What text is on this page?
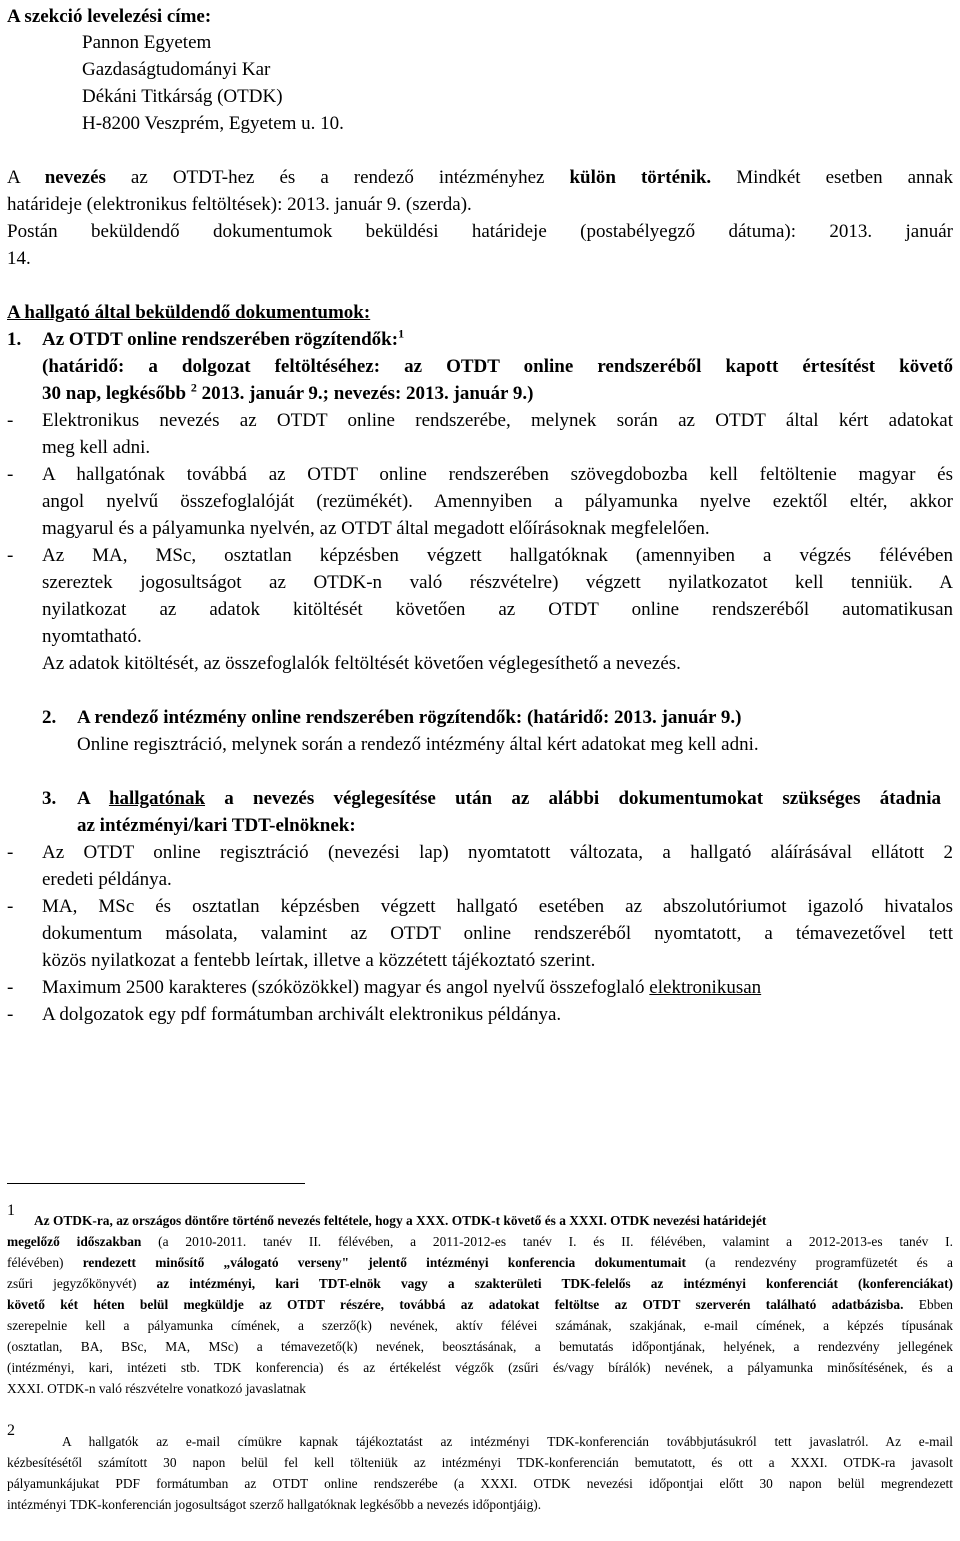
A szekció levelezési címe:
Pannon Egyetem
Gazdaságtudományi Kar
Dékáni Titkárság (OTDK)
H-8200 Veszprém, Egyetem u. 10.
A nevezés az OTDT-hez és a rendező intézményhez külön történik. Mindkét esetben annak
határideje (elektronikus feltöltések): 2013. január 9. (szerda).
Postán beküldendő dokumentumok beküldési határideje (postabélyegző dátuma): 2013. január
14.
A hallgató által beküldendő dokumentumok:
1. Az OTDT online rendszerében rögzítendők:$^1$
(határidő: a dolgozat feltöltéséhez: az OTDT online rendszeréből kapott értesítést követő
30 nap, legkésőbb $^2$ 2013. január 9.; nevezés: 2013. január 9.)
- Elektronikus nevezés az OTDT online rendszerébe, melynek során az OTDT által kért adatokat
meg kell adni.
- A hallgatónak továbbá az OTDT online rendszerében szövegdobozba kell feltöltenie magyar és
angol nyelvű összefoglalóját (rezümékét). Amennyiben a pályamunka nyelve ezektől eltér, akkor
magyarul és a pályamunka nyelvén, az OTDT által megadott előírásoknak megfelelően.
- Az MA, MSc, osztatlan képzésben végzett hallgatóknak (amennyiben a végzés félévében
szereztek jogosultságot az OTDK-n való részvételre) végzett nyilatkozatot kell tenniük. A
nyilatkozat az adatok kitöltését követően az OTDT online rendszeréből automatikusan
nyomtatható.
Az adatok kitöltését, az összefoglalók feltöltését követően véglegesíthető a nevezés.
2. A rendező intézmény online rendszerében rögzítendők: (határidő: 2013. január 9.)
Online regisztráció, melynek során a rendező intézmény által kért adatokat meg kell adni.
3. A hallgatónak a nevezés véglegesítése után az alábbi dokumentumokat szükséges átadnia
az intézményi/kari TDT-elnöknek:
- Az OTDT online regisztráció (nevezési lap) nyomtatott változata, a hallgató aláírásával ellátott 2
eredeti példánya.
- MA, MSc és osztatlan képzésben végzett hallgató esetében az abszolutóriumot igazoló hivatalos
dokumentum másolata, valamint az OTDT online rendszeréből nyomtatott, a témavezetővel tett
közös nyilatkozat a fentebb leírtak, illetve a közzétett tájékoztató szerint.
- Maximum 2500 karakteres (szóközökkel) magyar és angol nyelvű összefoglaló elektronikusan
- A dolgozatok egy pdf formátumban archivált elektronikus példánya.
1
Az OTDK-ra, az országos döntőre történő nevezés feltétele, hogy a XXX. OTDK-t követő és a XXXI. OTDK nevezési határidejét
megelőző időszakban (a 2010-2011. tanév II. félévében, a 2011-2012-es tanév I. és II. félévében, valamint a 2012-2013-es tanév I.
félévében) rendezett minősítő „válogató verseny" jelentő intézményi konferencia dokumentumait (a rendezvény programfüzetét és a
zsűri jegyzőkönyvét) az intézményi, kari TDT-elnök vagy a szakterületi TDK-felelős az intézményi konferenciát (konferenciákat)
követő két héten belül megküldje az OTDT részére, továbbá az adatokat feltöltse az OTDT szerverén található adatbázisba. Ebben
szerepelnie kell a pályamunka címének, a szerző(k) nevének, aktív félévei számának, szakjának, e-mail címének, a képzés típusának
(osztatlan, BA, BSc, MA, MSc) a témavezető(k) nevének, beosztásának, a bemutatás időpontjának, helyének, a rendezvény jellegének
(intézményi, kari, intézeti stb. TDK konferencia) és az értékelést végzők (zsűri és/vagy bírálók) nevének, a pályamunka minősítésének, és a
XXXI. OTDK-n való részvételre vonatkozó javaslatnak
2
A hallgatók az e-mail címükre kapnak tájékoztatást az intézményi TDK-konferencián továbbjutásukról tett javaslatról. Az e-mail
kézbesítésétől számított 30 napon belül fel kell tölteniük az intézményi TDK-konferencián bemutatott, és ott a XXXI. OTDK-ra javasolt
pályamunkájukat PDF formátumban az OTDT online rendszerébe (a XXXI. OTDK nevezési időpontjai előtt 30 napon belül megrendezett
intézményi TDK-konferencián jogosultságot szerző hallgatóknak legkésőbb a nevezés időpontjáig).
